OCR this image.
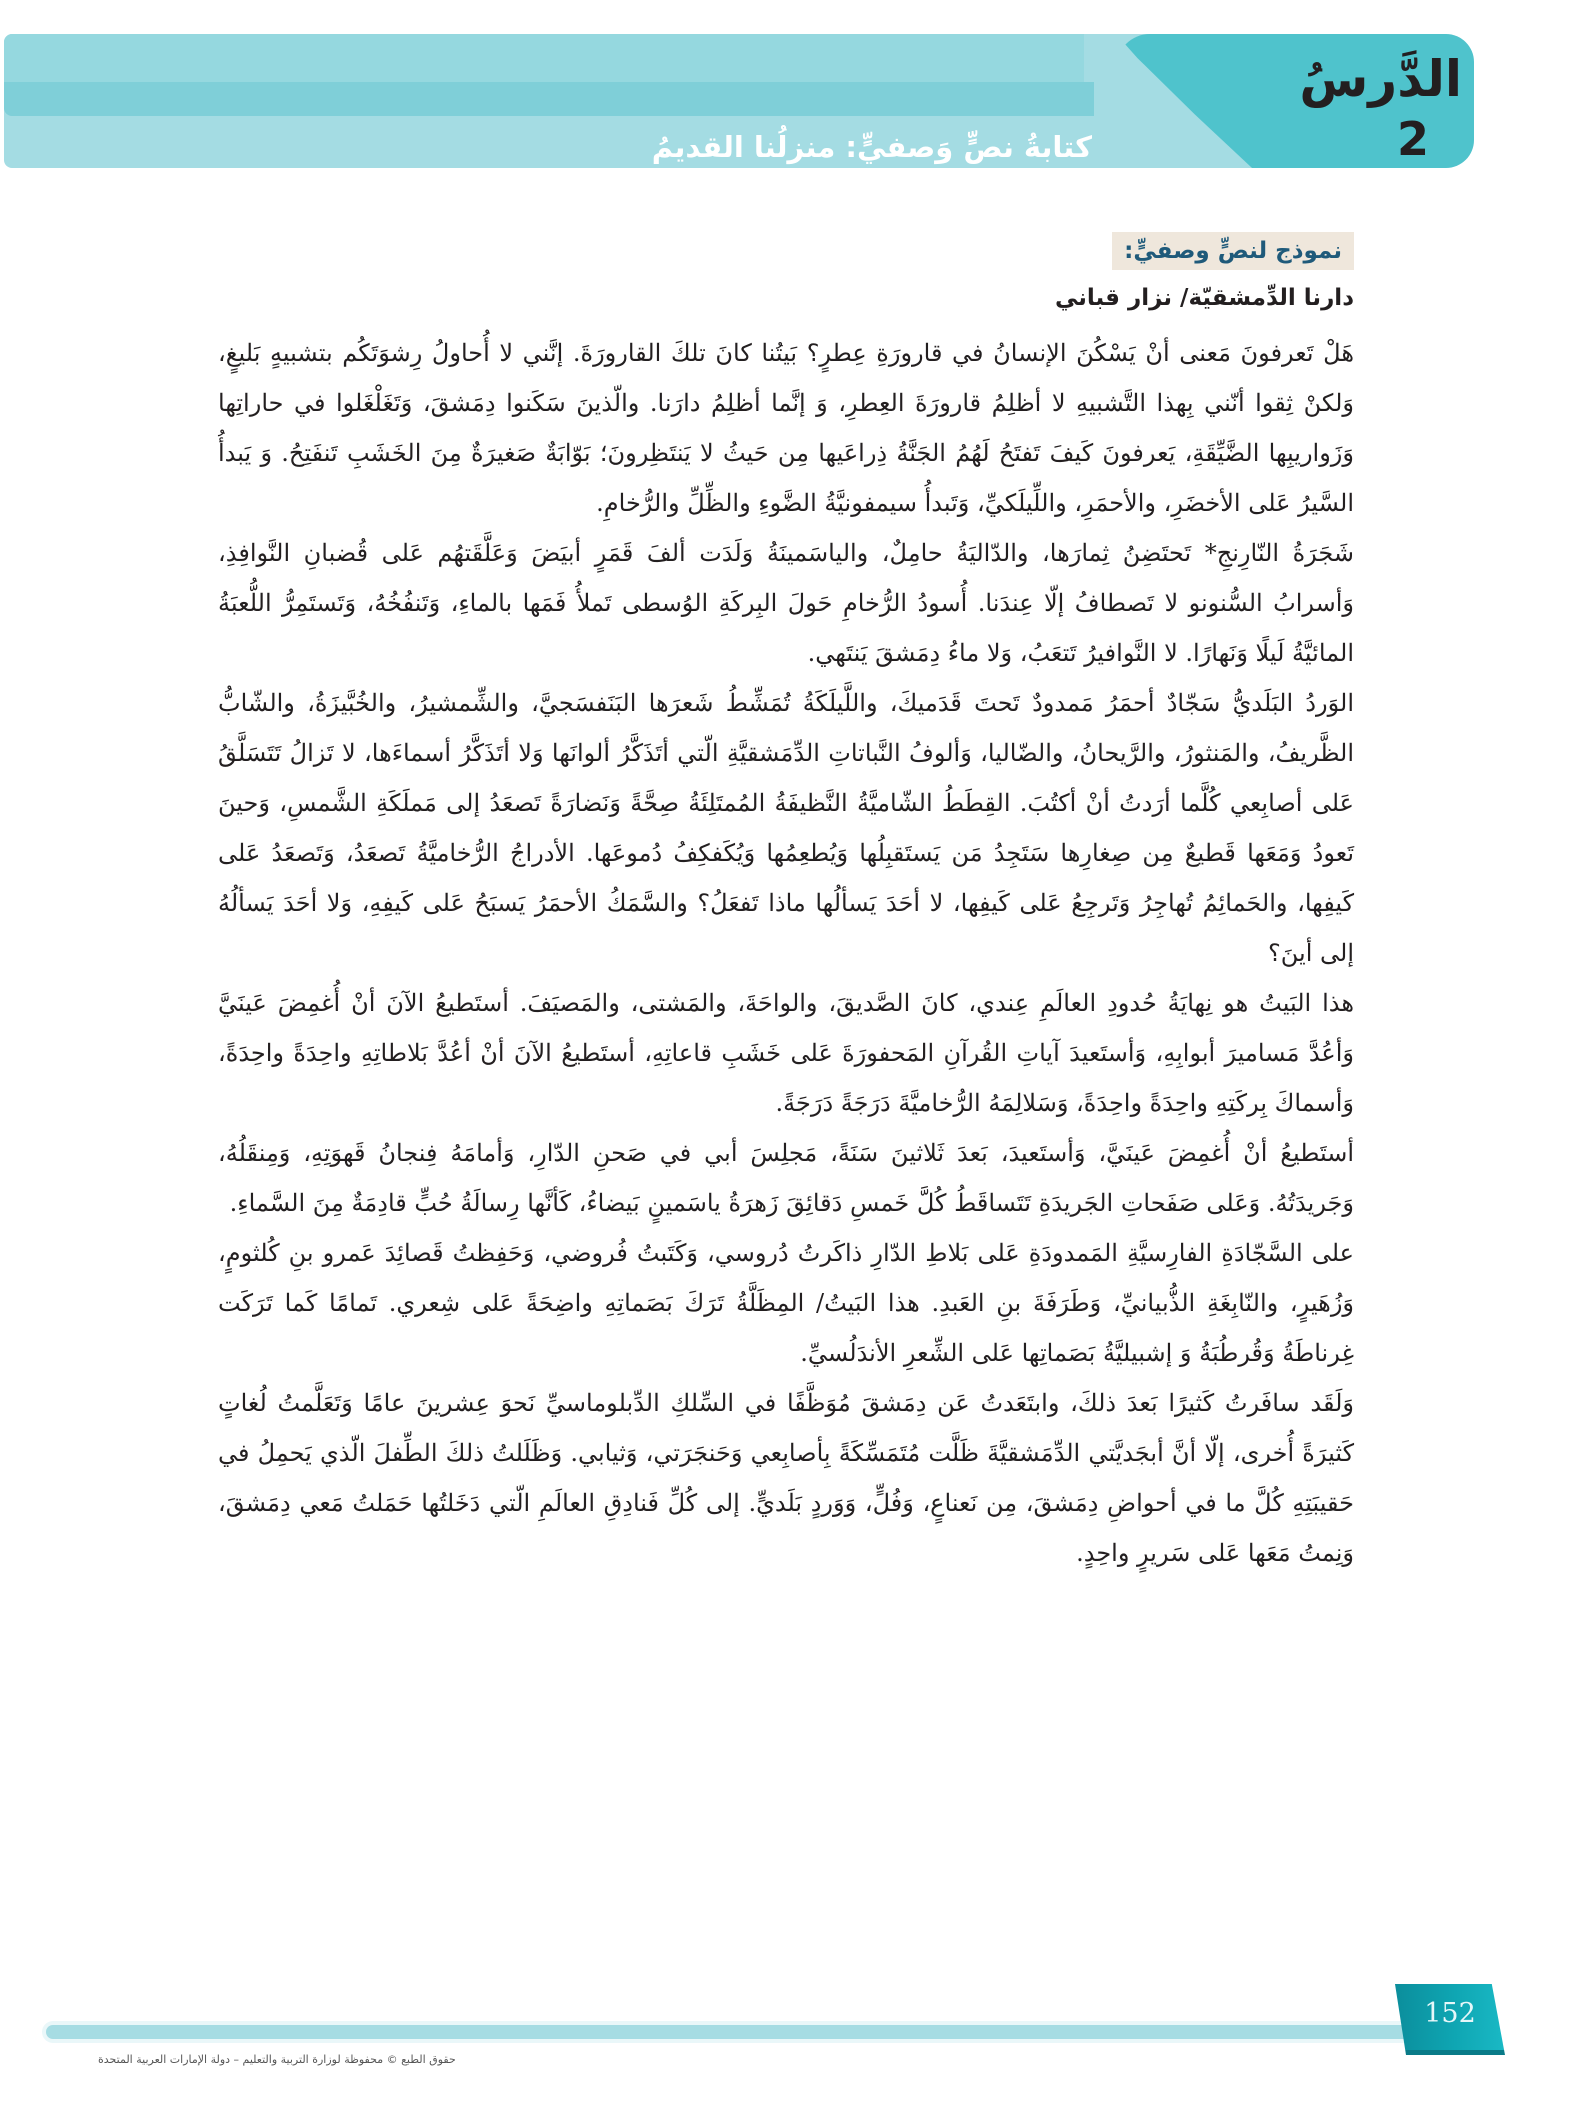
الدَّرسُ
2
كتابةُ نصٍّ وَصفيٍّ: منزلُنا القديمُ
نموذج لنصٍّ وصفيٍّ:
دارنا الدِّمشقيّة/ نزار قباني

هَلْ تَعرفونَ مَعنى أنْ يَسْكُنَ الإنسانُ في قارورَةِ عِطرٍ؟ بَيتُنا كانَ تلكَ القارورَةَ. إنَّني لا أُحاولُ رِشوَتَكُم بتشبيهٍ بَليغٍ، وَلكنْ ثِقوا أنّني بِهذا التَّشبيهِ لا أظلِمُ قارورَةَ العِطرِ، وَ إنَّما أظلِمُ دارَنا. والّذينَ سَكَنوا دِمَشقَ، وَتَغَلْغَلوا في حاراتِها وَزَواريبِها الضَّيِّقَةِ، يَعرفونَ كَيفَ تَفتَحُ لَهُمُ الجَنَّةُ ذِراعَيها مِن حَيثُ لا يَنتَظِرونَ؛ بَوّابَةٌ صَغيرَةٌ مِنَ الخَشَبِ تَنفَتِحُ. وَ يَبدأُ السَّيرُ عَلى الأخضَرِ، والأحمَرِ، واللِّيلَكيِّ، وَتَبدأُ سيمفونيَّةُ الضَّوءِ والظِّلِّ والرُّخامِ.

شَجَرَةُ النّارِنجِ* تَحتَضِنُ ثِمارَها، والدّاليَةُ حامِلٌ، والياسَمينَةُ وَلَدَت ألفَ قَمَرٍ أبيَضَ وَعَلَّقَتهُم عَلى قُضبانِ النَّوافِذِ، وَأسرابُ السُّنونو لا تَصطافُ إلّا عِندَنا. أُسودُ الرُّخامِ حَولَ البِركَةِ الوُسطى تَملأُ فَمَها بالماءِ، وَتَنفُخُهُ، وَتَستَمِرُّ اللُّعبَةُ المائيَّةُ لَيلًا وَنَهارًا. لا النَّوافيرُ تَتعَبُ، وَلا ماءُ دِمَشقَ يَنتَهي.

الوَردُ البَلَديُّ سَجّادٌ أحمَرُ مَمدودٌ تَحتَ قَدَميكَ، واللَّيلَكَةُ تُمَشِّطُ شَعرَها البَنَفسَجيَّ، والشِّمشيرُ، والخُبَّيزَةُ، والشّابُّ الظَّريفُ، والمَنثورُ، والرَّيحانُ، والضّاليا، وَألوفُ النَّباتاتِ الدِّمَشقيَّةِ الّتي أتَذَكَّرُ ألوانَها وَلا أتَذَكَّرُ أسماءَها، لا تَزالُ تَتَسَلَّقُ عَلى أصابِعي كُلَّما أرَدتُ أنْ أكتُبَ. القِطَطُ الشّاميَّةُ النَّظيفَةُ المُمتَلِئَةُ صِحَّةً وَنَضارَةً تَصعَدُ إلى مَملَكَةِ الشَّمسِ، وَحينَ تَعودُ وَمَعَها قَطيعٌ مِن صِغارِها سَتَجِدُ مَن يَستَقبِلُها وَيُطعِمُها وَيُكَفكِفُ دُموعَها. الأدراجُ الرُّخاميَّةُ تَصعَدُ، وَتَصعَدُ عَلى كَيفِها، والحَمائِمُ تُهاجِرُ وَتَرجِعُ عَلى كَيفِها، لا أحَدَ يَسألُها ماذا تَفعَلُ؟ والسَّمَكُ الأحمَرُ يَسبَحُ عَلى كَيفِهِ، وَلا أحَدَ يَسألُهُ إلى أينَ؟

هذا البَيتُ هو نِهايَةُ حُدودِ العالَمِ عِندي، كانَ الصَّديقَ، والواحَةَ، والمَشتى، والمَصيَفَ. أستَطيعُ الآنَ أنْ أُغمِضَ عَينَيَّ وَأعُدَّ مَساميرَ أبوابِهِ، وَأستَعيدَ آياتِ القُرآنِ المَحفورَةَ عَلى خَشَبِ قاعاتِهِ، أستَطيعُ الآنَ أنْ أعُدَّ بَلاطاتِهِ واحِدَةً واحِدَةً، وَأسماكَ بِركَتِهِ واحِدَةً واحِدَةً، وَسَلالِمَهُ الرُّخاميَّةَ دَرَجَةً دَرَجَةً.

أستَطيعُ أنْ أُغمِضَ عَينَيَّ، وَأستَعيدَ، بَعدَ ثَلاثينَ سَنَةً، مَجلِسَ أبي في صَحنِ الدّارِ، وَأمامَهُ فِنجانُ قَهوَتِهِ، وَمِنقَلُهُ، وَجَريدَتُهُ. وَعَلى صَفَحاتِ الجَريدَةِ تَتَساقَطُ كُلَّ خَمسِ دَقائِقَ زَهرَةُ ياسَمينٍ بَيضاءُ، كَأنَّها رِسالَةُ حُبٍّ قادِمَةٌ مِنَ السَّماءِ.

على السَّجّادَةِ الفارِسيَّةِ المَمدودَةِ عَلى بَلاطِ الدّارِ ذاكَرتُ دُروسي، وَكَتَبتُ فُروضي، وَحَفِظتُ قَصائِدَ عَمرو بنِ كُلثومٍ، وَزُهَيرٍ، والنّابِغَةِ الذُّبيانيِّ، وَطَرَفَةَ بنِ العَبدِ. هذا البَيتُ/ المِظَلَّةُ تَرَكَ بَصَماتِهِ واضِحَةً عَلى شِعري. تَمامًا كَما تَرَكَت غِرناطَةُ وَقُرطُبَةُ وَ إشبيليَّةُ بَصَماتِها عَلى الشِّعرِ الأندَلُسيِّ.

وَلَقَد سافَرتُ كَثيرًا بَعدَ ذلكَ، وابتَعَدتُ عَن دِمَشقَ مُوَظَّفًا في السِّلكِ الدِّبلوماسيِّ نَحوَ عِشرينَ عامًا وَتَعَلَّمتُ لُغاتٍ كَثيرَةً أُخرى، إلّا أنَّ أبجَديَّتي الدِّمَشقيَّةَ ظَلَّت مُتَمَسِّكَةً بِأصابِعي وَحَنجَرَتي، وَثيابي. وَظَلَلتُ ذلكَ الطِّفلَ الّذي يَحمِلُ في حَقيبَتِهِ كُلَّ ما في أحواضِ دِمَشقَ، مِن نَعناعٍ، وَفُلٍّ، وَوَردٍ بَلَديٍّ. إلى كُلِّ فَنادِقِ العالَمِ الّتي دَخَلتُها حَمَلتُ مَعي دِمَشقَ، وَنِمتُ مَعَها عَلى سَريرٍ واحِدٍ.

152
حقوق الطبع © محفوظة لوزارة التربية والتعليم – دولة الإمارات العربية المتحدة
